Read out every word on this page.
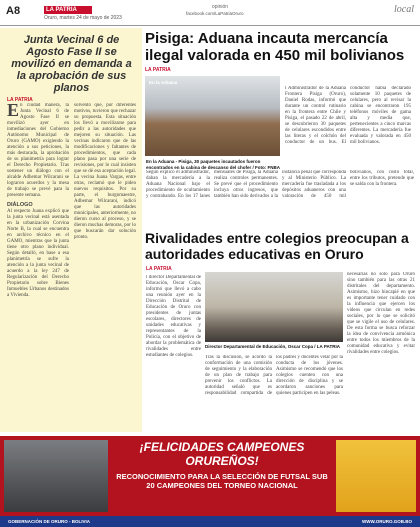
A8	LA PATRIA
Oruro, martes 24 de mayo de 2023
opinión
facebook.com/LaPatriaOruro	local
Junta Vecinal 6 de Agosto Fase II se movilizó en demanda a la aprobación de sus planos
LA PATRIA

En ciudad manera, la Junta Vecinal 6 de Agosto Fase II se movilizó ayer en inmediaciones del Gobierno Autónomo Municipal de Oruro (GAMO) exigiendo la atención a sus peticiones, la más destacada, la aprobación de su planimetría para lograr el Derecho Propietario. Tras sostener un diálogo con el alcalde Adhemar Wilcarani se lograron acuerdos y la mesa de trabajo se prevé para la presente semana.

DIÁLOGO

Al respecto Juana explicó que la junta vecinal está asentada en la urbanización Corvina Norte B, la cual se encuentra en archivo técnico en el GAMO, mientras que la junta tiene otro plano individual. Según detalló, en base a esa planimetría se sufre la atención a la junta vecinal de acuerdo a la ley 247 de Regularización del Derecho Propietario sobre Bienes Inmuebles Urbanos destinados a Vivienda.

solventó que, por diferentes motivos, tuvieron que rechazar su propuesta. Esta situación los llevó a movilizarse para pedir a las autoridades que mejoren su situación. Las vecinas indicaron que de las modificaciones y faltantes de procedimientos, que cada plano pasa por una serie de revisiones, por lo cual insisten que se dé esa aceptación legal. La vecina Juana Vargas, entre otras, reclamó que le piden nuevos requisitos. Por su parte, el burgomaestre, Adhemar Wilcarani, indicó que las autoridades municipales, anteriormente, no dieron curso al proceso, y se dieron muchas demoras, por lo que buscarán dar solución pronto.
Pisiga: Aduana incauta mercancía ilegal valorada en 450 mil bolivianos
LA PATRIA
En la Aduana
l Administrador de la Aduana Frontera Pisiga (Oruro), Daniel Rodas, informó que durante un control rutinario en la frontera entre Chile y Pisiga, el pasado 22 de abril, se descubrieron 30 paquetes de celulares escondidos entre las literas y el colchón del conductor de un bus. El conductor había declarado solamente 10 paquetes de celulares, pero al revisar la cabina se encontraron 195 teléfonos móviles de gama alta y media que, pertenecientes a cinco marcas diferentes. La mercadería fue evaluada y valorada en 450 mil bolivianos.
En la Aduana - Pisiga, 30 paquetes incautados fueron encontrados en la cabina de descanso del chofer / Foto: FNBA
Según explicó el administrador, daban la mercadería a la Aduana Nacional bajo el procedimiento de ocultamiento y contrabando. En los 17 lanes mensuales de Pisiga, la Aduana realiza controles permanentes. Se prevé que el procedimiento incluya otros ingresos, que también han sido derivados a la instancia penal que corresponda y al Ministerio Público. La mercadería fue trasladada a los depósitos aduaneros con una valoración de 450 mil bolivianos, con costo total, entre los tributos, pretende que se salda con la frontera.
Rivalidades entre colegios preocupan a autoridades educativas en Oruro
LA PATRIA
l director Departamental de Educación, Oscar Copa, informó que llevó a cabo una reunión ayer en la Dirección Distrital de Educación de Oruro con presidentes de juntas escolares, directores de unidades educativas y representantes de la Policía, con el objetivo de abordar la problemática de rivalidades entre estudiantes de colegios.
Director Departamental de Educación, Oscar Copa / LA PATRIA
Tras la discusión, se acordó la conformación de una comisión de seguimiento y la elaboración de un plan de trabajo para prevenir los conflictos. La autoridad señaló que es responsabilidad compartida de los padres y docentes velar por la conducta de los jóvenes. Asimismo se recomendó que los colegios cuenten con una dirección de disciplina y se acordaron sanciones para quienes participen en las peleas.
necesarias no solo para Oruro sino también para las otras 21 distritales del departamento. Asimismo, hizo hincapié en que es importante tener cuidado con la influencia que ejercen los videos que circulan en redes sociales, por lo que se solicitó que se vigile el uso de celulares. De esta forma se busca reforzar la idea de convivencia armónica entre todos los miembros de la comunidad educativa y evitar rivalidades entre colegios.
¡FELICIDADES CAMPEONES ORUREÑOS!
RECONOCIMIENTO PARA LA SELECCIÓN DE FUTSAL SUB 20 CAMPEONES DEL TORNEO NACIONAL
GOBERNACIÓN DE ORURO - BOLIVIA	WWW.ORURO.GOB.BO
